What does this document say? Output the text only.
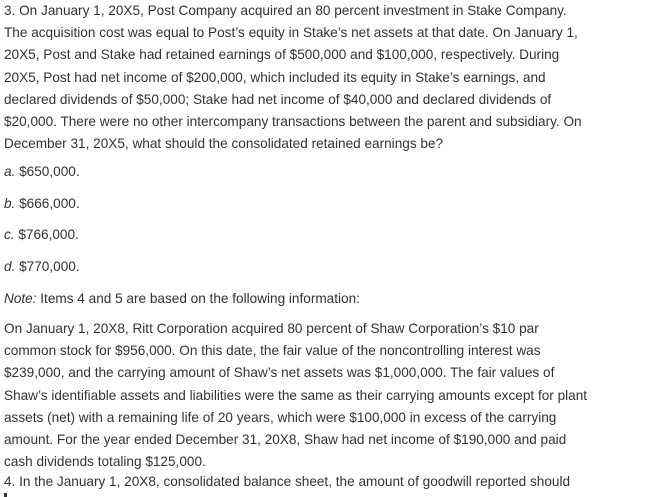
3. On January 1, 20X5, Post Company acquired an 80 percent investment in Stake Company.
The acquisition cost was equal to Post’s equity in Stake’s net assets at that date. On January 1,
20X5, Post and Stake had retained earnings of $500,000 and $100,000, respectively. During
20X5, Post had net income of $200,000, which included its equity in Stake’s earnings, and
declared dividends of $50,000; Stake had net income of $40,000 and declared dividends of
$20,000. There were no other intercompany transactions between the parent and subsidiary. On
December 31, 20X5, what should the consolidated retained earnings be?

a. $650,000.

b. $666,000.

c. $766,000.

d. $770,000.

Note: Items 4 and 5 are based on the following information:

On January 1, 20X8, Ritt Corporation acquired 80 percent of Shaw Corporation’s $10 par
common stock for $956,000. On this date, the fair value of the noncontrolling interest was
$239,000, and the carrying amount of Shaw’s net assets was $1,000,000. The fair values of
Shaw’s identifiable assets and liabilities were the same as their carrying amounts except for plant
assets (net) with a remaining life of 20 years, which were $100,000 in excess of the carrying
amount. For the year ended December 31, 20X8, Shaw had net income of $190,000 and paid
cash dividends totaling $125,000.

4. In the January 1, 20X8, consolidated balance sheet, the amount of goodwill reported should
